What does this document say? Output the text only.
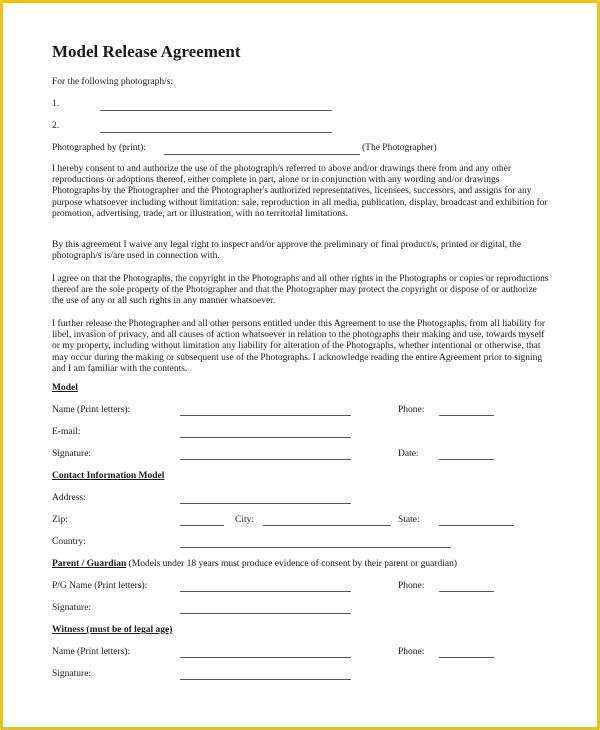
Model Release Agreement
For the following photograph/s:
1.
2.
Photographed by (print):	(The Photographer)
I hereby consent to and authorize the use of the photograph/s referred to above and/or drawings there from and any other reproductions or adoptions thereof, either complete in part, alone or in conjunction with any wording and/or drawings Photographs by the Photographer and the Photographer's authorized representatives, licensees, successors, and assigns for any purpose whatsoever including without limitation: sale, reproduction in all media, publication, display, broadcast and exhibition for promotion, advertising, trade, art or illustration, with no territorial limitations.
By this agreement I waive any legal right to inspect and/or approve the preliminary or final product/s, printed or digital, the photograph/s is/are used in connection with.
I agree on that the Photographs, the copyright in the Photographs and all other rights in the Photographs or copies or reproductions thereof are the sole property of the Photographer and that the Photographer may protect the copyright or dispose of or authorize the use of any or all such rights in any manner whatsoever.
I further release the Photographer and all other persons entitled under this Agreement to use the Photographs, from all liability for libel, invasion of privacy, and all causes of action whatsoever in relation to the photographs their making and use, towards myself or my property, including without limitation any liability for alteration of the Photographs, whether intentional or otherwise, that may occur during the making or subsequent use of the Photographs. I acknowledge reading the entire Agreement prior to signing and I am familiar with the contents.
Model
Name (Print letters):	Phone:
E-mail:
Signature:	Date:
Contact Information Model
Address:
Zip:	City:	State:
Country:
Parent / Guardian (Models under 18 years must produce evidence of consent by their parent or guardian)
P/G Name (Print letters):	Phone:
Signature:
Witness (must be of legal age)
Name (Print letters):	Phone:
Signature:
